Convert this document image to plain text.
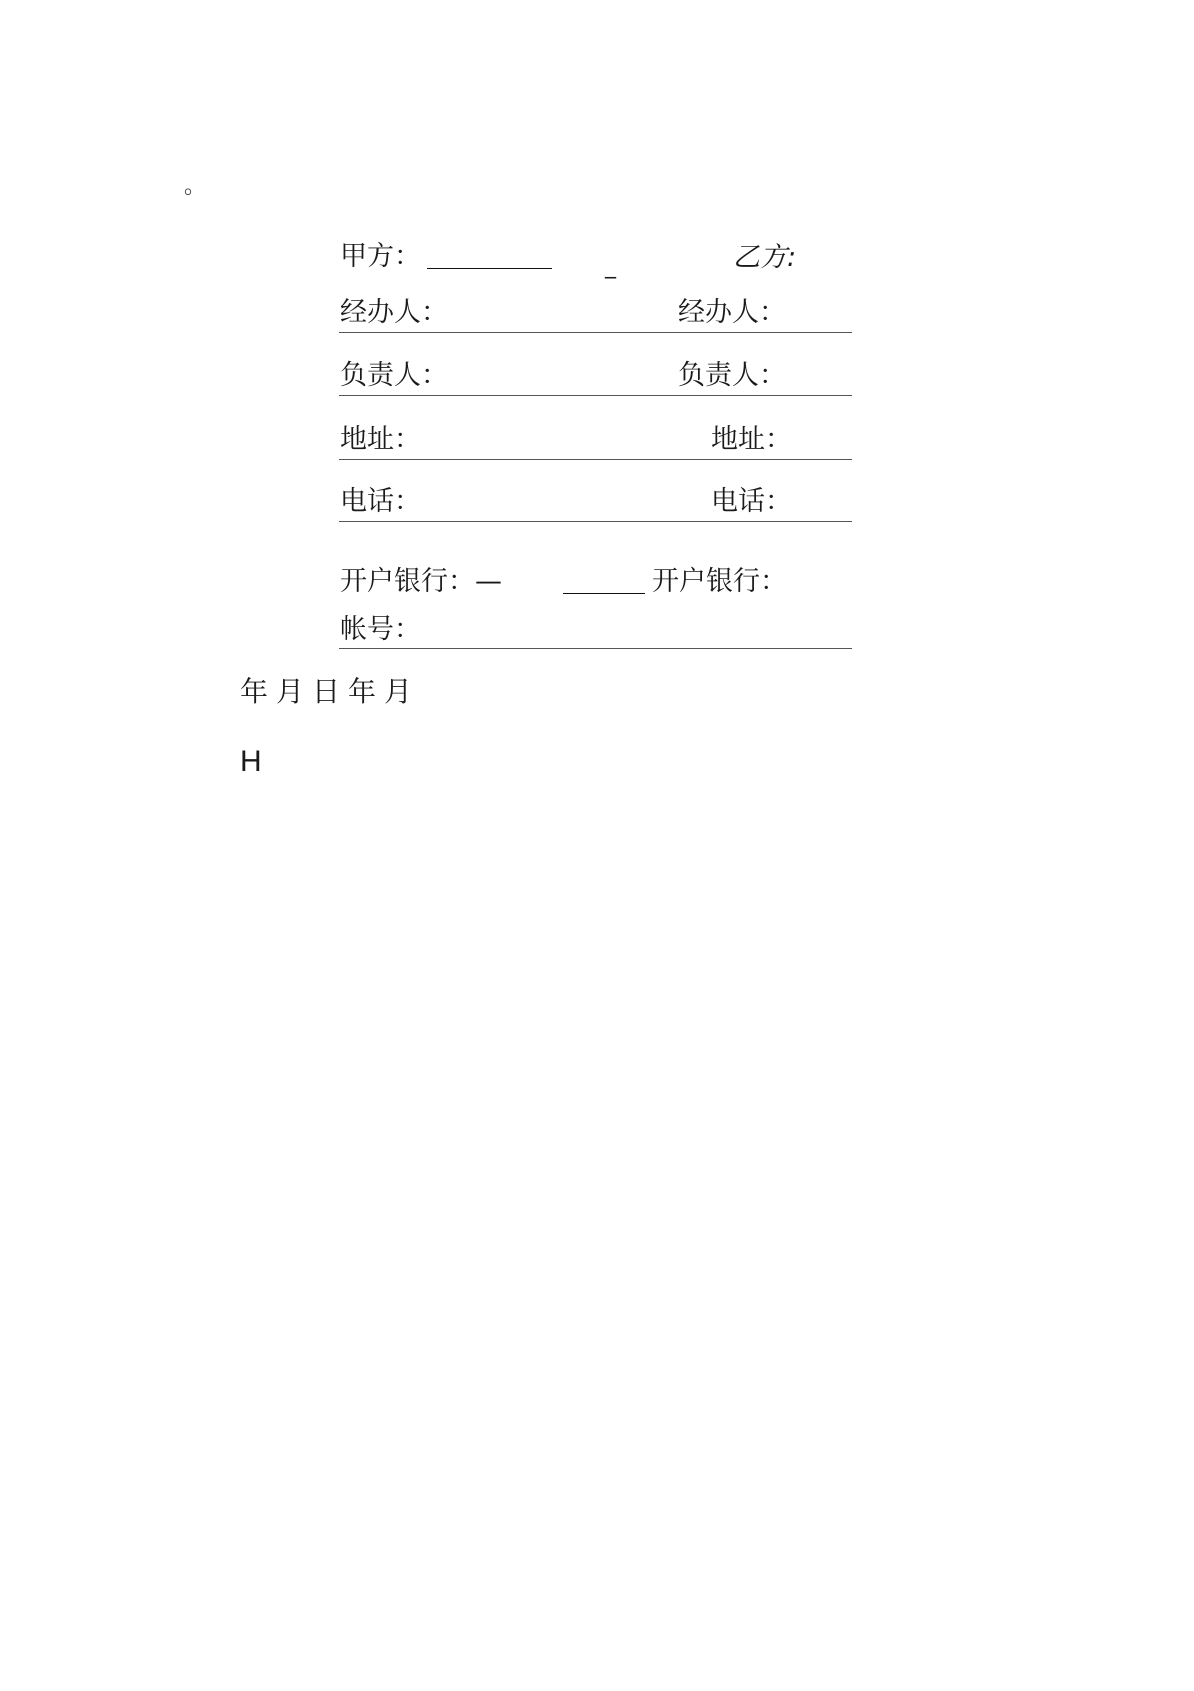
。
甲方：	_	乙方:
经办人：	经办人：
负责人：	负责人：
地址：	地址：
电话：	电话：
开户银行：—	开户银行：
帐号：
年月日年月
H
